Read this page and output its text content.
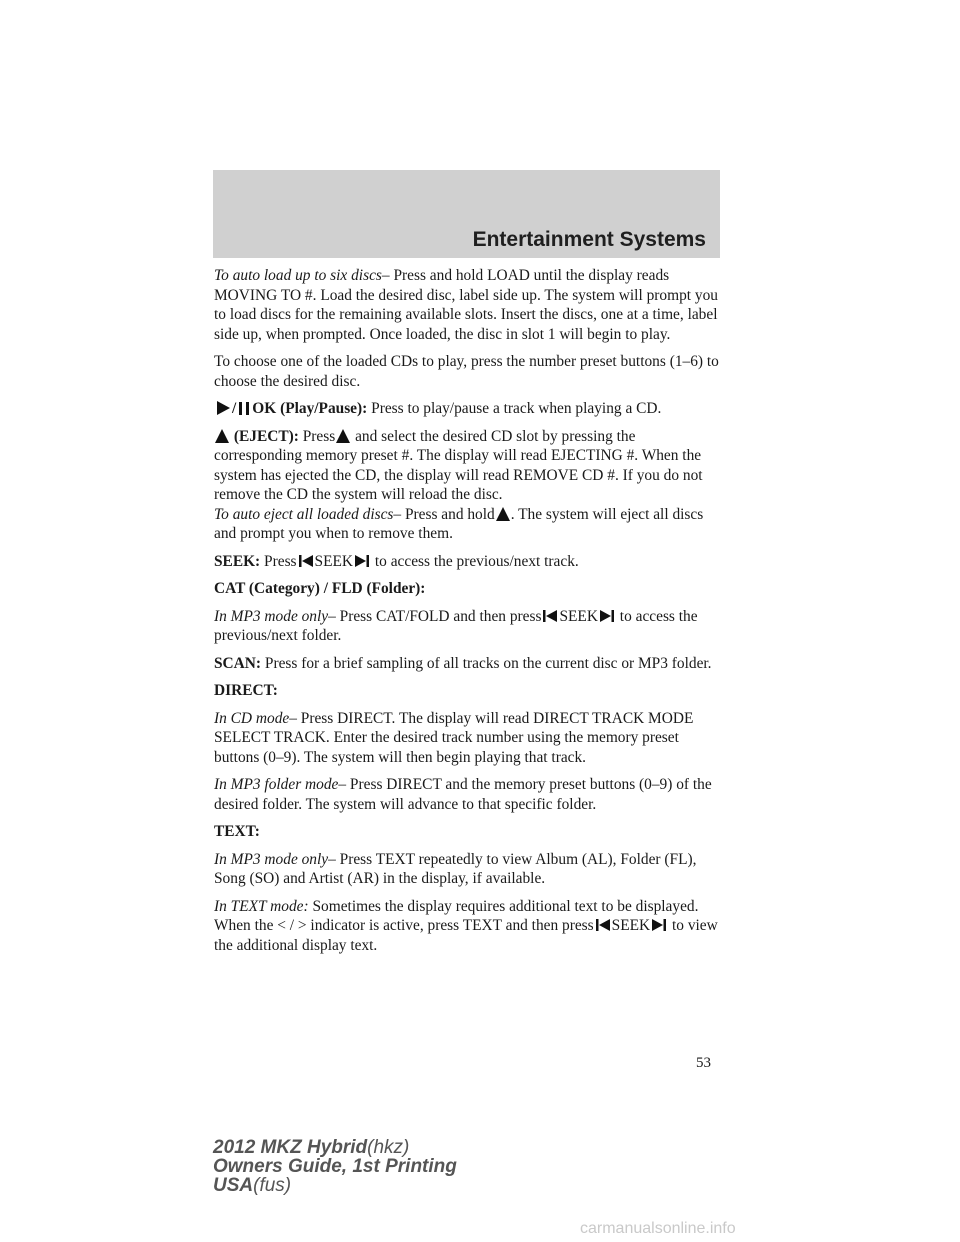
Entertainment Systems

To auto load up to six discs– Press and hold LOAD until the display reads MOVING TO #. Load the desired disc, label side up. The system will prompt you to load discs for the remaining available slots. Insert the discs, one at a time, label side up, when prompted. Once loaded, the disc in slot 1 will begin to play.

To choose one of the loaded CDs to play, press the number preset buttons (1–6) to choose the desired disc.

/ OK (Play/Pause): Press to play/pause a track when playing a CD.

(EJECT): Press and select the desired CD slot by pressing the corresponding memory preset #. The display will read EJECTING #. When the system has ejected the CD, the display will read REMOVE CD #. If you do not remove the CD the system will reload the disc.

To auto eject all loaded discs– Press and hold . The system will eject all discs and prompt you when to remove them.

SEEK: Press SEEK to access the previous/next track.

CAT (Category) / FLD (Folder):

In MP3 mode only– Press CAT/FOLD and then press SEEK to access the previous/next folder.

SCAN: Press for a brief sampling of all tracks on the current disc or MP3 folder.

DIRECT:

In CD mode– Press DIRECT. The display will read DIRECT TRACK MODE SELECT TRACK. Enter the desired track number using the memory preset buttons (0–9). The system will then begin playing that track.

In MP3 folder mode– Press DIRECT and the memory preset buttons (0–9) of the desired folder. The system will advance to that specific folder.

TEXT:

In MP3 mode only– Press TEXT repeatedly to view Album (AL), Folder (FL), Song (SO) and Artist (AR) in the display, if available.

In TEXT mode: Sometimes the display requires additional text to be displayed. When the < / > indicator is active, press TEXT and then press SEEK to view the additional display text.

53
2012 MKZ Hybrid(hkz)
Owners Guide, 1st Printing
USA(fus)
carmanualsonline.info
